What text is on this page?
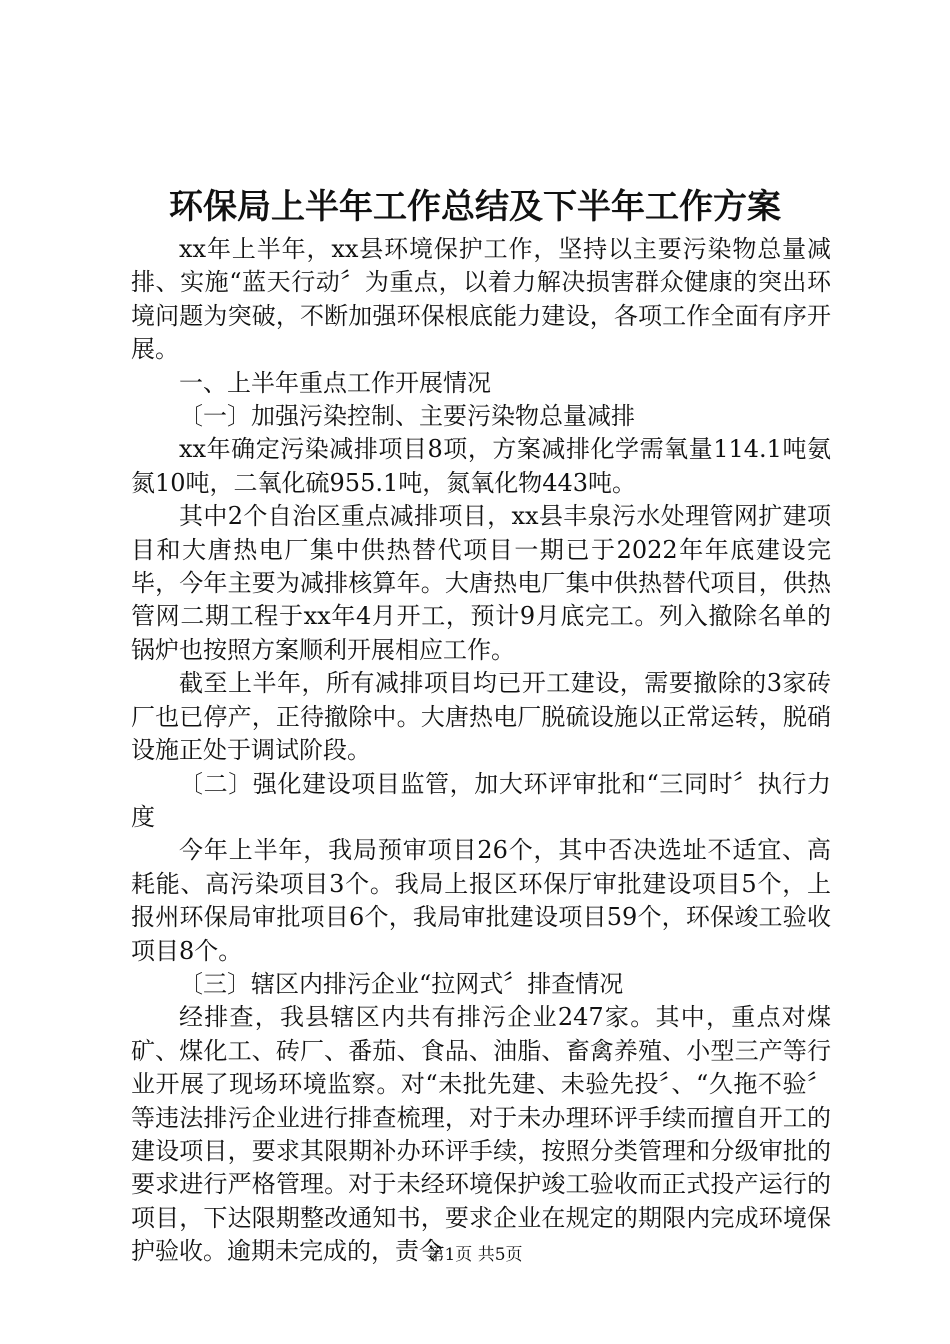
环保局上半年工作总结及下半年工作方案

xx年上半年，xx县环境保护工作，坚持以主要污染物总量减排、实施“蓝天行动〞为重点，以着力解决损害群众健康的突出环境问题为突破，不断加强环保根底能力建设，各项工作全面有序开展。

一、上半年重点工作开展情况

〔一〕加强污染控制、主要污染物总量减排

xx年确定污染减排项目8项，方案减排化学需氧量114.1吨氨氮10吨，二氧化硫955.1吨，氮氧化物443吨。

其中2个自治区重点减排项目，xx县丰泉污水处理管网扩建项目和大唐热电厂集中供热替代项目一期已于2022年年底建设完毕，今年主要为减排核算年。大唐热电厂集中供热替代项目，供热管网二期工程于xx年4月开工，预计9月底完工。列入撤除名单的锅炉也按照方案顺利开展相应工作。

截至上半年，所有减排项目均已开工建设，需要撤除的3家砖厂也已停产，正待撤除中。大唐热电厂脱硫设施以正常运转，脱硝设施正处于调试阶段。

〔二〕强化建设项目监管，加大环评审批和“三同时〞执行力度

今年上半年，我局预审项目26个，其中否决选址不适宜、高耗能、高污染项目3个。我局上报区环保厅审批建设项目5个，上报州环保局审批项目6个，我局审批建设项目59个，环保竣工验收项目8个。

〔三〕辖区内排污企业“拉网式〞排查情况

经排查，我县辖区内共有排污企业247家。其中，重点对煤矿、煤化工、砖厂、番茄、食品、油脂、畜禽养殖、小型三产等行业开展了现场环境监察。对“未批先建、未验先投〞、“久拖不验〞等违法排污企业进行排查梳理，对于未办理环评手续而擅自开工的建设项目，要求其限期补办环评手续，按照分类管理和分级审批的要求进行严格管理。对于未经环境保护竣工验收而正式投产运行的项目，下达限期整改通知书，要求企业在规定的期限内完成环境保护验收。逾期未完成的，责令

第1页 共5页
